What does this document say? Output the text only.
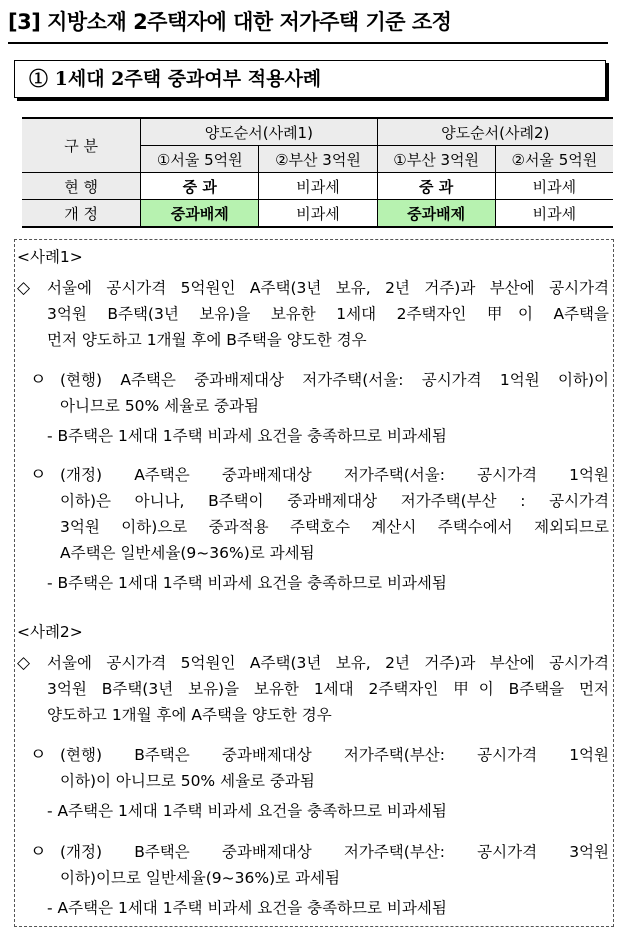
[3] 지방소재 2주택자에 대한 저가주택 기준 조정
① 1세대 2주택 중과여부 적용사례
구 분	양도순서(사례1)		양도순서(사례2)	
	①서울 5억원	②부산 3억원	①부산 3억원	②서울 5억원
현 행	중 과	비과세	중 과	비과세
개 정	중과배제	비과세	중과배제	비과세
<사례1>
◇ 서울에 공시가격 5억원인 A주택(3년 보유, 2년 거주)과 부산에 공시가격
3억원 B주택(3년 보유)을 보유한 1세대 2주택자인 甲이 A주택을
먼저 양도하고 1개월 후에 B주택을 양도한 경우
ㅇ (현행) A주택은 중과배제대상 저가주택(서울: 공시가격 1억원 이하)이
아니므로 50% 세율로 중과됨
- B주택은 1세대 1주택 비과세 요건을 충족하므로 비과세됨
ㅇ (개정) A주택은 중과배제대상 저가주택(서울: 공시가격 1억원
이하)은 아니나, B주택이 중과배제대상 저가주택(부산 : 공시가격
3억원 이하)으로 중과적용 주택호수 계산시 주택수에서 제외되므로
A주택은 일반세율(9~36%)로 과세됨
- B주택은 1세대 1주택 비과세 요건을 충족하므로 비과세됨
<사례2>
◇ 서울에 공시가격 5억원인 A주택(3년 보유, 2년 거주)과 부산에 공시가격
3억원 B주택(3년 보유)을 보유한 1세대 2주택자인 甲이 B주택을 먼저
양도하고 1개월 후에 A주택을 양도한 경우
ㅇ (현행) B주택은 중과배제대상 저가주택(부산: 공시가격 1억원
이하)이 아니므로 50% 세율로 중과됨
- A주택은 1세대 1주택 비과세 요건을 충족하므로 비과세됨
ㅇ (개정) B주택은 중과배제대상 저가주택(부산: 공시가격 3억원
이하)이므로 일반세율(9~36%)로 과세됨
- A주택은 1세대 1주택 비과세 요건을 충족하므로 비과세됨
